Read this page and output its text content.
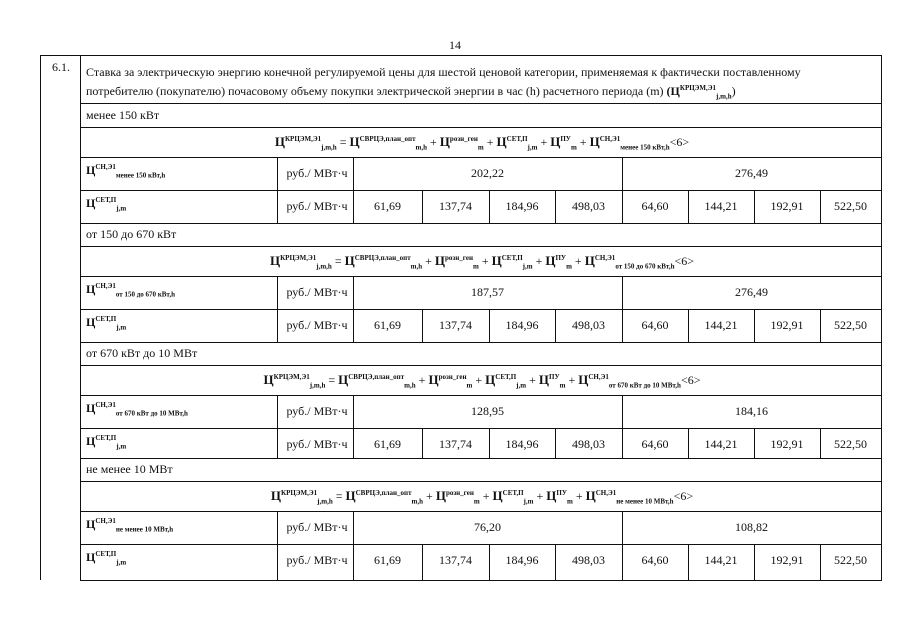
14
6.1.	Ставка за электрическую энергию конечной регулируемой цены для шестой ценовой категории, применяемая к фактически поставленному
потребителю (покупателю) почасовому объему покупки электрической энергии в час (h) расчетного периода (m) $(Ц^{КРЦЭМ,Э1}_{j,m,h})$
менее 150 кВт
$Ц^{КРЦЭМ,Э1}_{j,m,h} = Ц^{СВРЦЭ,план\_опт}_{m,h} + Ц^{розн\_ген}_m + Ц^{СЕТ,П}_{j,m} + Ц^{ПУ}_m + Ц^{СН,Э1}_{менее 150 кВт,h}<6>$
$Ц^{СН,Э1}_{менее 150 кВт,h}$	руб./ МВт·ч	202,22	276,49
$Ц^{СЕТ,П}_{j,m}$	руб./ МВт·ч	61,69	137,74	184,96	498,03	64,60	144,21	192,91	522,50
от 150 до 670 кВт
$Ц^{КРЦЭМ,Э1}_{j,m,h} = Ц^{СВРЦЭ,план\_опт}_{m,h} + Ц^{розн\_ген}_m + Ц^{СЕТ,П}_{j,m} + Ц^{ПУ}_m + Ц^{СН,Э1}_{от 150 до 670 кВт,h}<6>$
$Ц^{СН,Э1}_{от 150 до 670 кВт,h}$	руб./ МВт·ч	187,57	276,49
$Ц^{СЕТ,П}_{j,m}$	руб./ МВт·ч	61,69	137,74	184,96	498,03	64,60	144,21	192,91	522,50
от 670 кВт до 10 МВт
$Ц^{КРЦЭМ,Э1}_{j,m,h} = Ц^{СВРЦЭ,план\_опт}_{m,h} + Ц^{розн\_ген}_m + Ц^{СЕТ,П}_{j,m} + Ц^{ПУ}_m + Ц^{СН,Э1}_{от 670 кВт до 10 МВт,h}<6>$
$Ц^{СН,Э1}_{от 670 кВт до 10 МВт,h}$	руб./ МВт·ч	128,95	184,16
$Ц^{СЕТ,П}_{j,m}$	руб./ МВт·ч	61,69	137,74	184,96	498,03	64,60	144,21	192,91	522,50
не менее 10 МВт
$Ц^{КРЦЭМ,Э1}_{j,m,h} = Ц^{СВРЦЭ,план\_опт}_{m,h} + Ц^{розн\_ген}_m + Ц^{СЕТ,П}_{j,m} + Ц^{ПУ}_m + Ц^{СН,Э1}_{не менее 10 МВт,h}<6>$
$Ц^{СН,Э1}_{не менее 10 МВт,h}$	руб./ МВт·ч	76,20	108,82
$Ц^{СЕТ,П}_{j,m}$	руб./ МВт·ч	61,69	137,74	184,96	498,03	64,60	144,21	192,91	522,50
